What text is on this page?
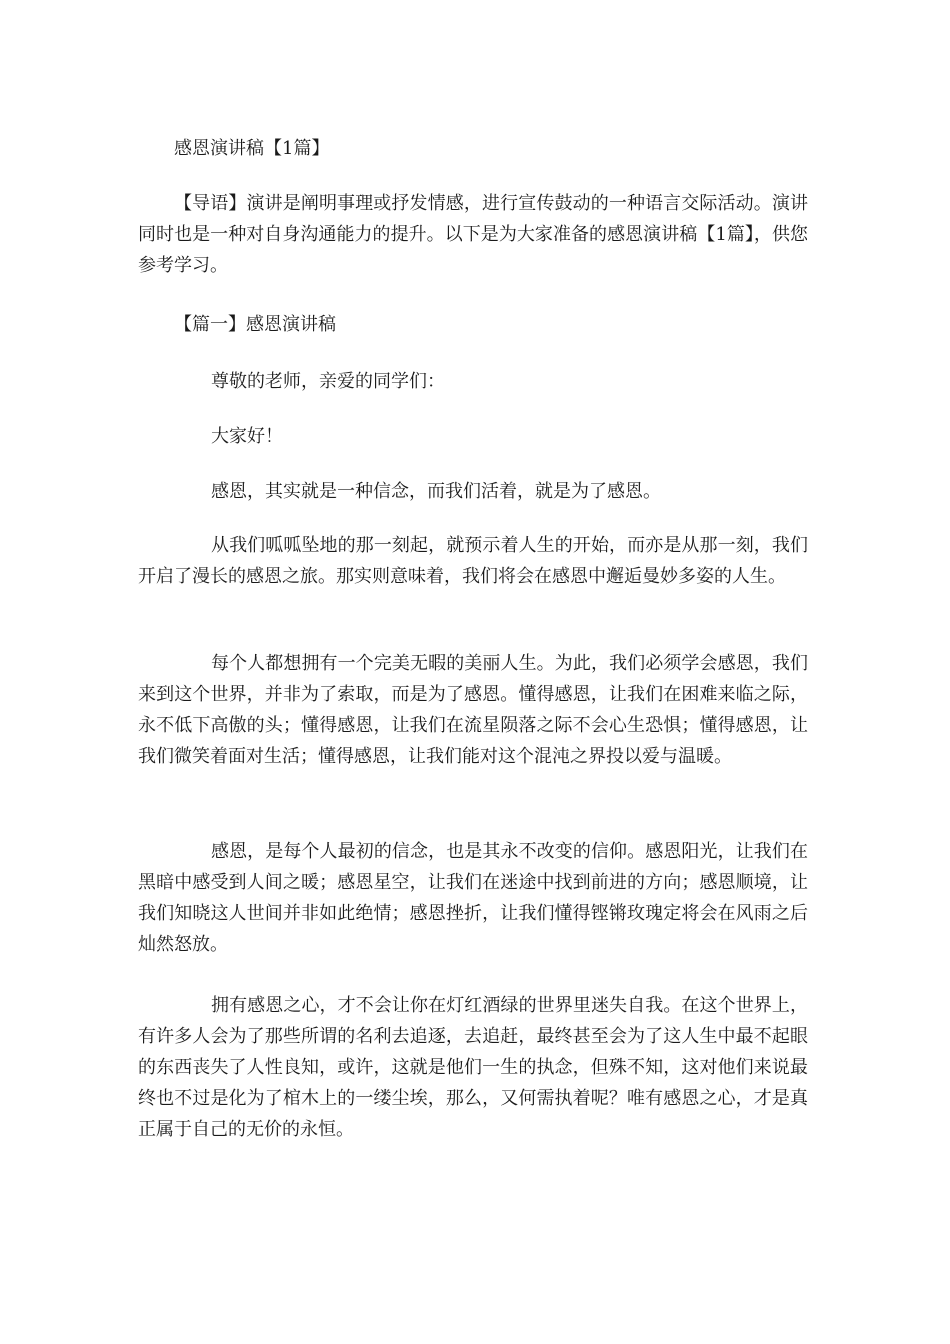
感恩演讲稿【1篇】
【导语】演讲是阐明事理或抒发情感，进行宣传鼓动的一种语言交际活动。演讲同时也是一种对自身沟通能力的提升。以下是为大家准备的感恩演讲稿【1篇】，供您参考学习。
【篇一】感恩演讲稿
尊敬的老师，亲爱的同学们：
大家好！
感恩，其实就是一种信念，而我们活着，就是为了感恩。
从我们呱呱坠地的那一刻起，就预示着人生的开始，而亦是从那一刻，我们开启了漫长的感恩之旅。那实则意味着，我们将会在感恩中邂逅曼妙多姿的人生。
每个人都想拥有一个完美无暇的美丽人生。为此，我们必须学会感恩，我们来到这个世界，并非为了索取，而是为了感恩。懂得感恩，让我们在困难来临之际，永不低下高傲的头；懂得感恩，让我们在流星陨落之际不会心生恐惧；懂得感恩，让我们微笑着面对生活；懂得感恩，让我们能对这个混沌之界投以爱与温暖。
感恩，是每个人最初的信念，也是其永不改变的信仰。感恩阳光，让我们在黑暗中感受到人间之暖；感恩星空，让我们在迷途中找到前进的方向；感恩顺境，让我们知晓这人世间并非如此绝情；感恩挫折，让我们懂得铿锵玫瑰定将会在风雨之后灿然怒放。
拥有感恩之心，才不会让你在灯红酒绿的世界里迷失自我。在这个世界上，有许多人会为了那些所谓的名利去追逐，去追赶，最终甚至会为了这人生中最不起眼的东西丧失了人性良知，或许，这就是他们一生的执念，但殊不知，这对他们来说最终也不过是化为了棺木上的一缕尘埃，那么，又何需执着呢？唯有感恩之心，才是真正属于自己的无价的永恒。
